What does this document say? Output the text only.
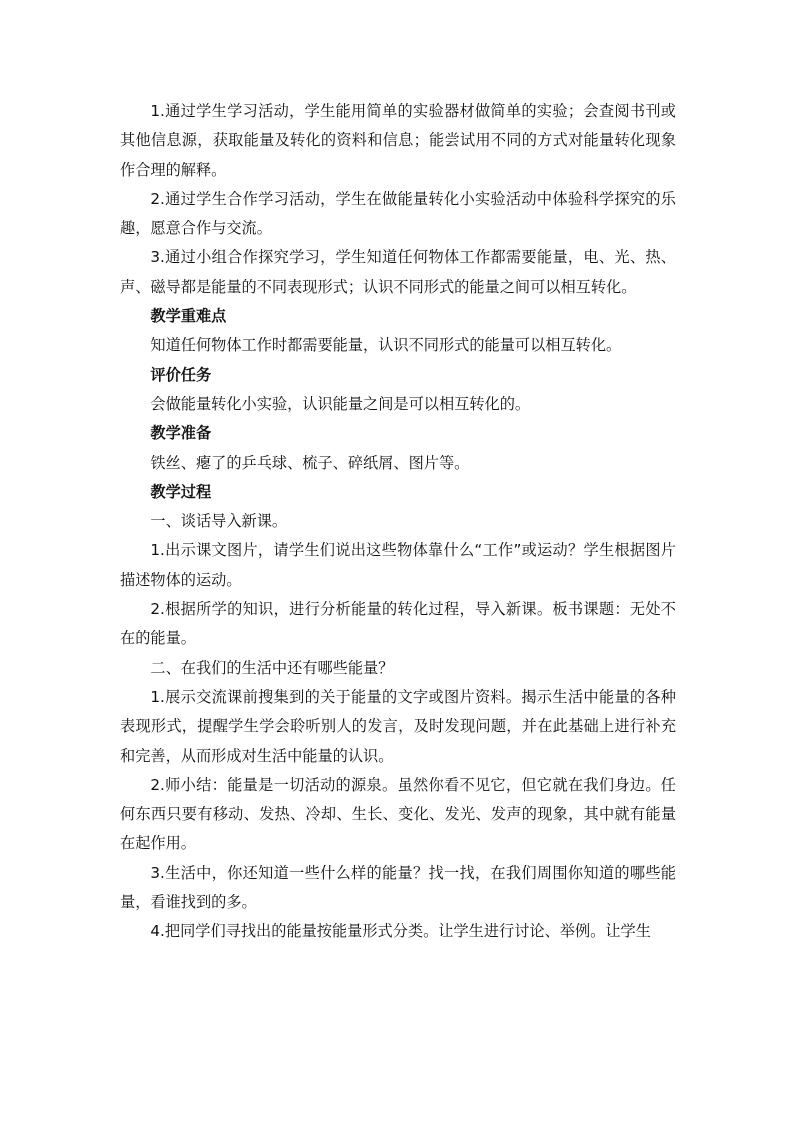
1.通过学生学习活动，学生能用简单的实验器材做简单的实验；会查阅书刊或其他信息源，获取能量及转化的资料和信息；能尝试用不同的方式对能量转化现象作合理的解释。

2.通过学生合作学习活动，学生在做能量转化小实验活动中体验科学探究的乐趣，愿意合作与交流。

3.通过小组合作探究学习，学生知道任何物体工作都需要能量，电、光、热、声、磁导都是能量的不同表现形式；认识不同形式的能量之间可以相互转化。

教学重难点

知道任何物体工作时都需要能量，认识不同形式的能量可以相互转化。

评价任务

会做能量转化小实验，认识能量之间是可以相互转化的。

教学准备

铁丝、瘪了的乒乓球、梳子、碎纸屑、图片等。

教学过程

一、谈话导入新课。

1.出示课文图片，请学生们说出这些物体靠什么“工作”或运动？学生根据图片描述物体的运动。

2.根据所学的知识，进行分析能量的转化过程，导入新课。板书课题：无处不在的能量。

二、在我们的生活中还有哪些能量？

1.展示交流课前搜集到的关于能量的文字或图片资料。揭示生活中能量的各种表现形式，提醒学生学会聆听别人的发言，及时发现问题，并在此基础上进行补充和完善，从而形成对生活中能量的认识。

2.师小结：能量是一切活动的源泉。虽然你看不见它，但它就在我们身边。任何东西只要有移动、发热、冷却、生长、变化、发光、发声的现象，其中就有能量在起作用。

3.生活中，你还知道一些什么样的能量？找一找，在我们周围你知道的哪些能量，看谁找到的多。

4.把同学们寻找出的能量按能量形式分类。让学生进行讨论、举例。让学生
